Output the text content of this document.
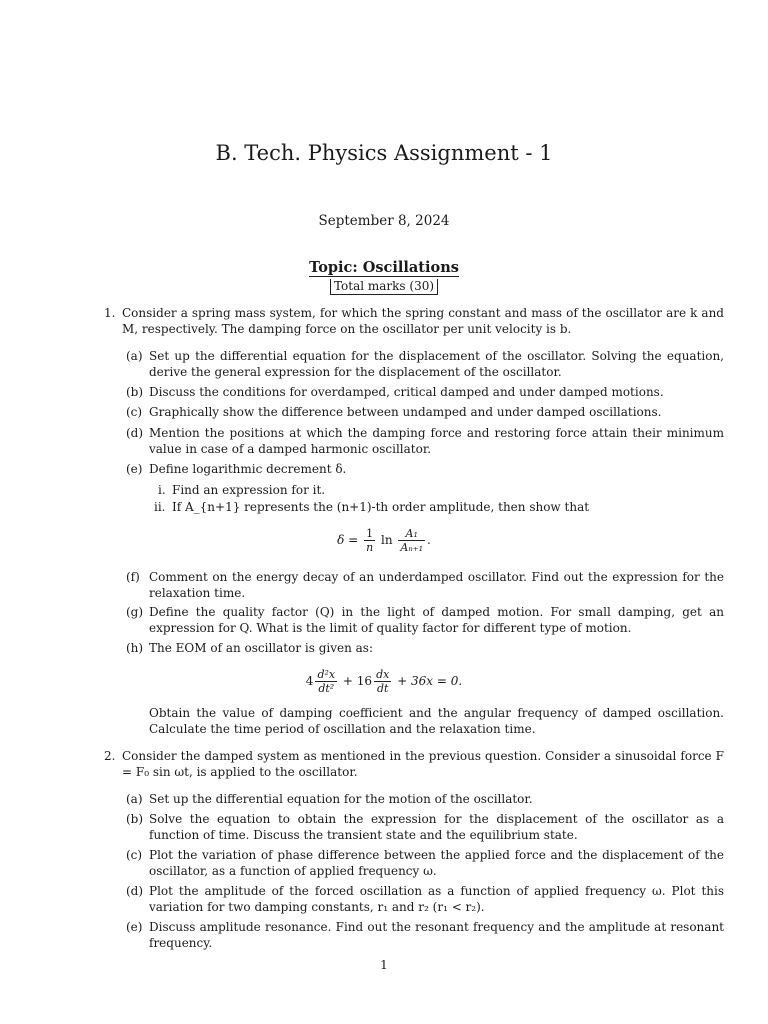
B. Tech. Physics Assignment - 1
September 8, 2024
Topic: Oscillations
Total marks (30)
1. Consider a spring mass system, for which the spring constant and mass of the oscillator are k and M, respectively. The damping force on the oscillator per unit velocity is b.
(a) Set up the differential equation for the displacement of the oscillator. Solving the equation, derive the general expression for the displacement of the oscillator.
(b) Discuss the conditions for overdamped, critical damped and under damped motions.
(c) Graphically show the difference between undamped and under damped oscillations.
(d) Mention the positions at which the damping force and restoring force attain their minimum value in case of a damped harmonic oscillator.
(e) Define logarithmic decrement δ.
i. Find an expression for it.
ii. If A_{n+1} represents the (n+1)-th order amplitude, then show that
$\delta = \frac{1}{n}$ $\ln \frac{\text{A₁}}{\text{Aₙ₊₁}}$ .
(f) Comment on the energy decay of an underdamped oscillator. Find out the expression for the relaxation time.
(g) Define the quality factor (Q) in the light of damped motion. For small damping, get an expression for Q. What is the limit of quality factor for different type of motion.
(h) The EOM of an oscillator is given as:
$4 \frac{\text{d²x}}{\text{dt²}} + 16 \frac{dx}{dt} + 36x = 0$.
Obtain the value of damping coefficient and the angular frequency of damped oscillation. Calculate the time period of oscillation and the relaxation time.
2. Consider the damped system as mentioned in the previous question. Consider a sinusoidal force F = F₀ sin ωt, is applied to the oscillator.
(a) Set up the differential equation for the motion of the oscillator.
(b) Solve the equation to obtain the expression for the displacement of the oscillator as a function of time. Discuss the transient state and the equilibrium state.
(c) Plot the variation of phase difference between the applied force and the displacement of the oscillator, as a function of applied frequency ω.
(d) Plot the amplitude of the forced oscillation as a function of applied frequency ω. Plot this variation for two damping constants, r₁ and r₂ (r₁ < r₂).
(e) Discuss amplitude resonance. Find out the resonant frequency and the amplitude at resonant frequency.
1
